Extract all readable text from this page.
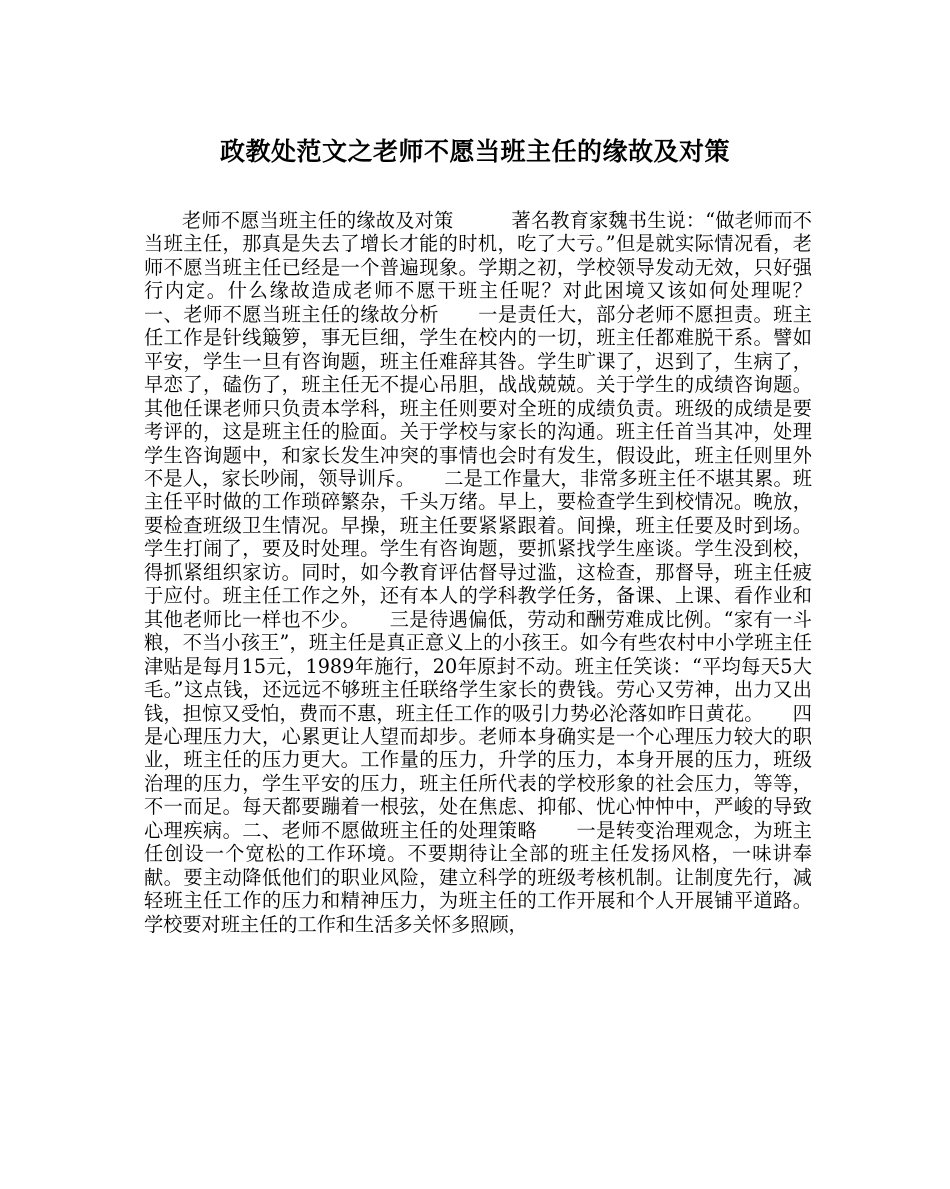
政教处范文之老师不愿当班主任的缘故及对策

老师不愿当班主任的缘故及对策　　　著名教育家魏书生说：“做老师而不当班主任，那真是失去了增长才能的时机，吃了大亏。”但是就实际情况看，老师不愿当班主任已经是一个普遍现象。学期之初，学校领导发动无效，只好强行内定。什么缘故造成老师不愿干班主任呢？对此困境又该如何处理呢？　　一、老师不愿当班主任的缘故分析　　一是责任大，部分老师不愿担责。班主任工作是针线簸箩，事无巨细，学生在校内的一切，班主任都难脱干系。譬如平安，学生一旦有咨询题，班主任难辞其咎。学生旷课了，迟到了，生病了，早恋了，磕伤了，班主任无不提心吊胆，战战兢兢。关于学生的成绩咨询题。其他任课老师只负责本学科，班主任则要对全班的成绩负责。班级的成绩是要考评的，这是班主任的脸面。关于学校与家长的沟通。班主任首当其冲，处理学生咨询题中，和家长发生冲突的事情也会时有发生，假设此，班主任则里外不是人，家长吵闹，领导训斥。　　二是工作量大，非常多班主任不堪其累。班主任平时做的工作琐碎繁杂，千头万绪。早上，要检查学生到校情况。晚放，要检查班级卫生情况。早操，班主任要紧紧跟着。间操，班主任要及时到场。学生打闹了，要及时处理。学生有咨询题，要抓紧找学生座谈。学生没到校，得抓紧组织家访。同时，如今教育评估督导过滥，这检查，那督导，班主任疲于应付。班主任工作之外，还有本人的学科教学任务，备课、上课、看作业和其他老师比一样也不少。　　三是待遇偏低，劳动和酬劳难成比例。“家有一斗粮，不当小孩王”，班主任是真正意义上的小孩王。如今有些农村中小学班主任津贴是每月15元，1989年施行，20年原封不动。班主任笑谈：“平均每天5大毛。”这点钱，还远远不够班主任联络学生家长的费钱。劳心又劳神，出力又出钱，担惊又受怕，费而不惠，班主任工作的吸引力势必沦落如昨日黄花。　　四是心理压力大，心累更让人望而却步。老师本身确实是一个心理压力较大的职业，班主任的压力更大。工作量的压力，升学的压力，本身开展的压力，班级治理的压力，学生平安的压力，班主任所代表的学校形象的社会压力，等等，不一而足。每天都要蹦着一根弦，处在焦虑、抑郁、忧心忡忡中，严峻的导致心理疾病。二、老师不愿做班主任的处理策略　　一是转变治理观念，为班主任创设一个宽松的工作环境。不要期待让全部的班主任发扬风格，一味讲奉献。要主动降低他们的职业风险，建立科学的班级考核机制。让制度先行，减轻班主任工作的压力和精神压力，为班主任的工作开展和个人开展铺平道路。学校要对班主任的工作和生活多关怀多照顾，
